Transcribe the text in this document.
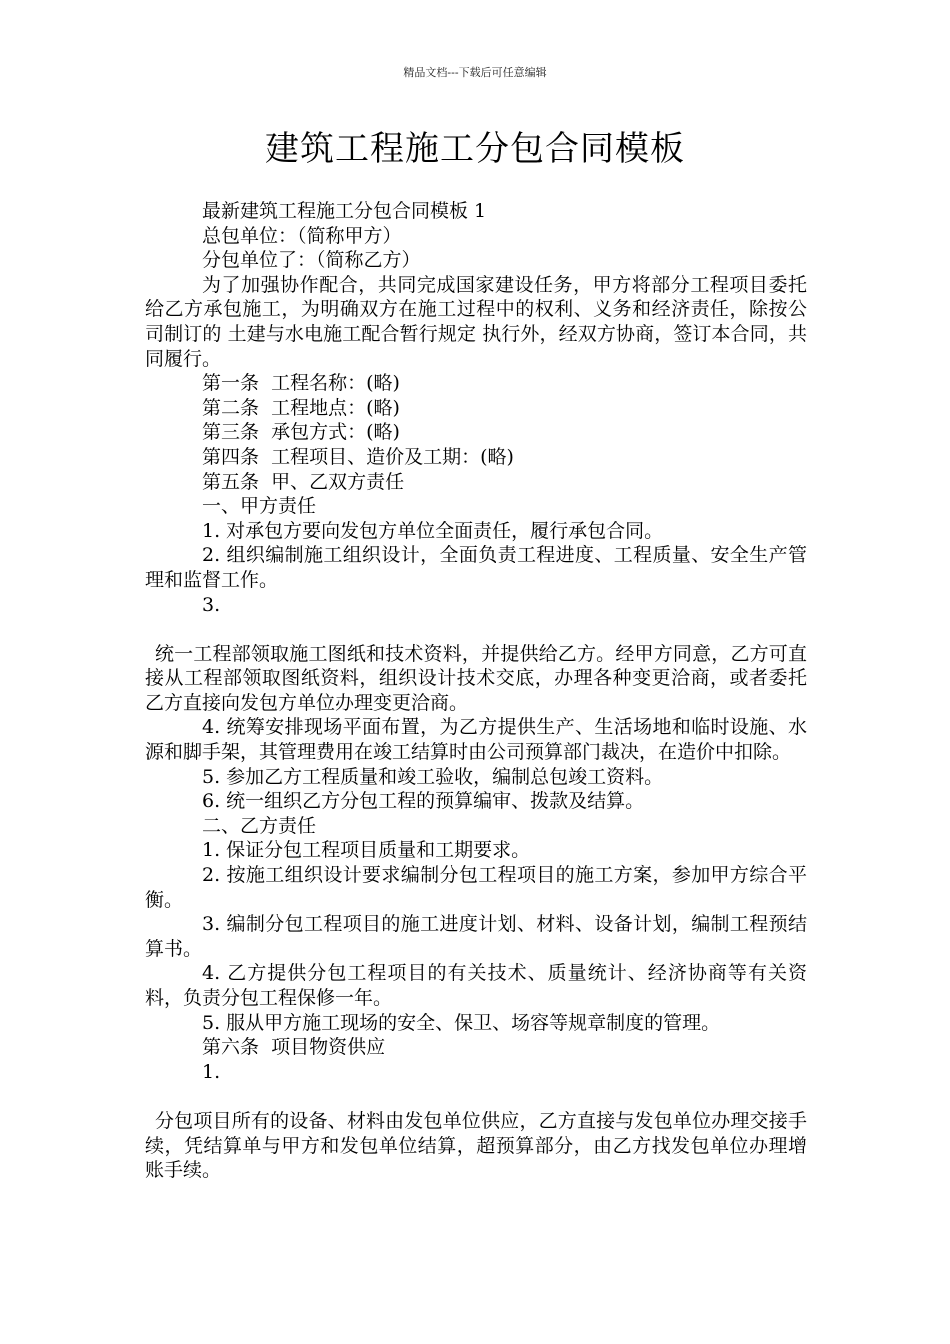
精品文档---下载后可任意编辑
建筑工程施工分包合同模板

最新建筑工程施工分包合同模板 1

总包单位：（简称甲方）

分包单位了：（简称乙方）

为了加强协作配合，共同完成国家建设任务，甲方将部分工程项目委托给乙方承包施工，为明确双方在施工过程中的权利、义务和经济责任，除按公司制订的 土建与水电施工配合暂行规定 执行外，经双方协商，签订本合同，共同履行。

第一条  工程名称：(略)

第二条  工程地点：(略)

第三条  承包方式：(略)

第四条  工程项目、造价及工期：(略)

第五条  甲、乙双方责任

一、甲方责任

1. 对承包方要向发包方单位全面责任，履行承包合同。

2. 组织编制施工组织设计，全面负责工程进度、工程质量、安全生产管理和监督工作。

3.

统一工程部领取施工图纸和技术资料，并提供给乙方。经甲方同意，乙方可直接从工程部领取图纸资料，组织设计技术交底，办理各种变更洽商，或者委托乙方直接向发包方单位办理变更洽商。

4. 统筹安排现场平面布置，为乙方提供生产、生活场地和临时设施、水源和脚手架，其管理费用在竣工结算时由公司预算部门裁决，在造价中扣除。

5. 参加乙方工程质量和竣工验收，编制总包竣工资料。

6. 统一组织乙方分包工程的预算编审、拨款及结算。

二、乙方责任

1. 保证分包工程项目质量和工期要求。

2. 按施工组织设计要求编制分包工程项目的施工方案，参加甲方综合平衡。

3. 编制分包工程项目的施工进度计划、材料、设备计划，编制工程预结算书。

4. 乙方提供分包工程项目的有关技术、质量统计、经济协商等有关资料，负责分包工程保修一年。

5. 服从甲方施工现场的安全、保卫、场容等规章制度的管理。

第六条  项目物资供应

1.

分包项目所有的设备、材料由发包单位供应，乙方直接与发包单位办理交接手续，凭结算单与甲方和发包单位结算，超预算部分，由乙方找发包单位办理增账手续。
